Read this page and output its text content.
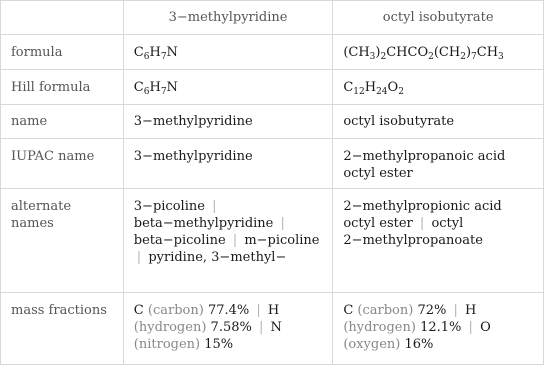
	3−methylpyridine	octyl isobutyrate
formula	$C_6H_7N$	$(CH_3)_2CHCO_2(CH_2)_7CH_3$
Hill formula	$C_6H_7N$	$C_{12}H_{24}O_2$
name	3−methylpyridine	octyl isobutyrate
IUPAC name	3−methylpyridine	2−methylpropanoic acid octyl ester
alternate names	3−picoline | beta−methylpyridine | beta−picoline | m−picoline | pyridine, 3−methyl−	2−methylpropionic acid octyl ester | octyl 2−methylpropanoate
mass fractions	C (carbon) 77.4% | H (hydrogen) 7.58% | N (nitrogen) 15%	C (carbon) 72% | H (hydrogen) 12.1% | O (oxygen) 16%
